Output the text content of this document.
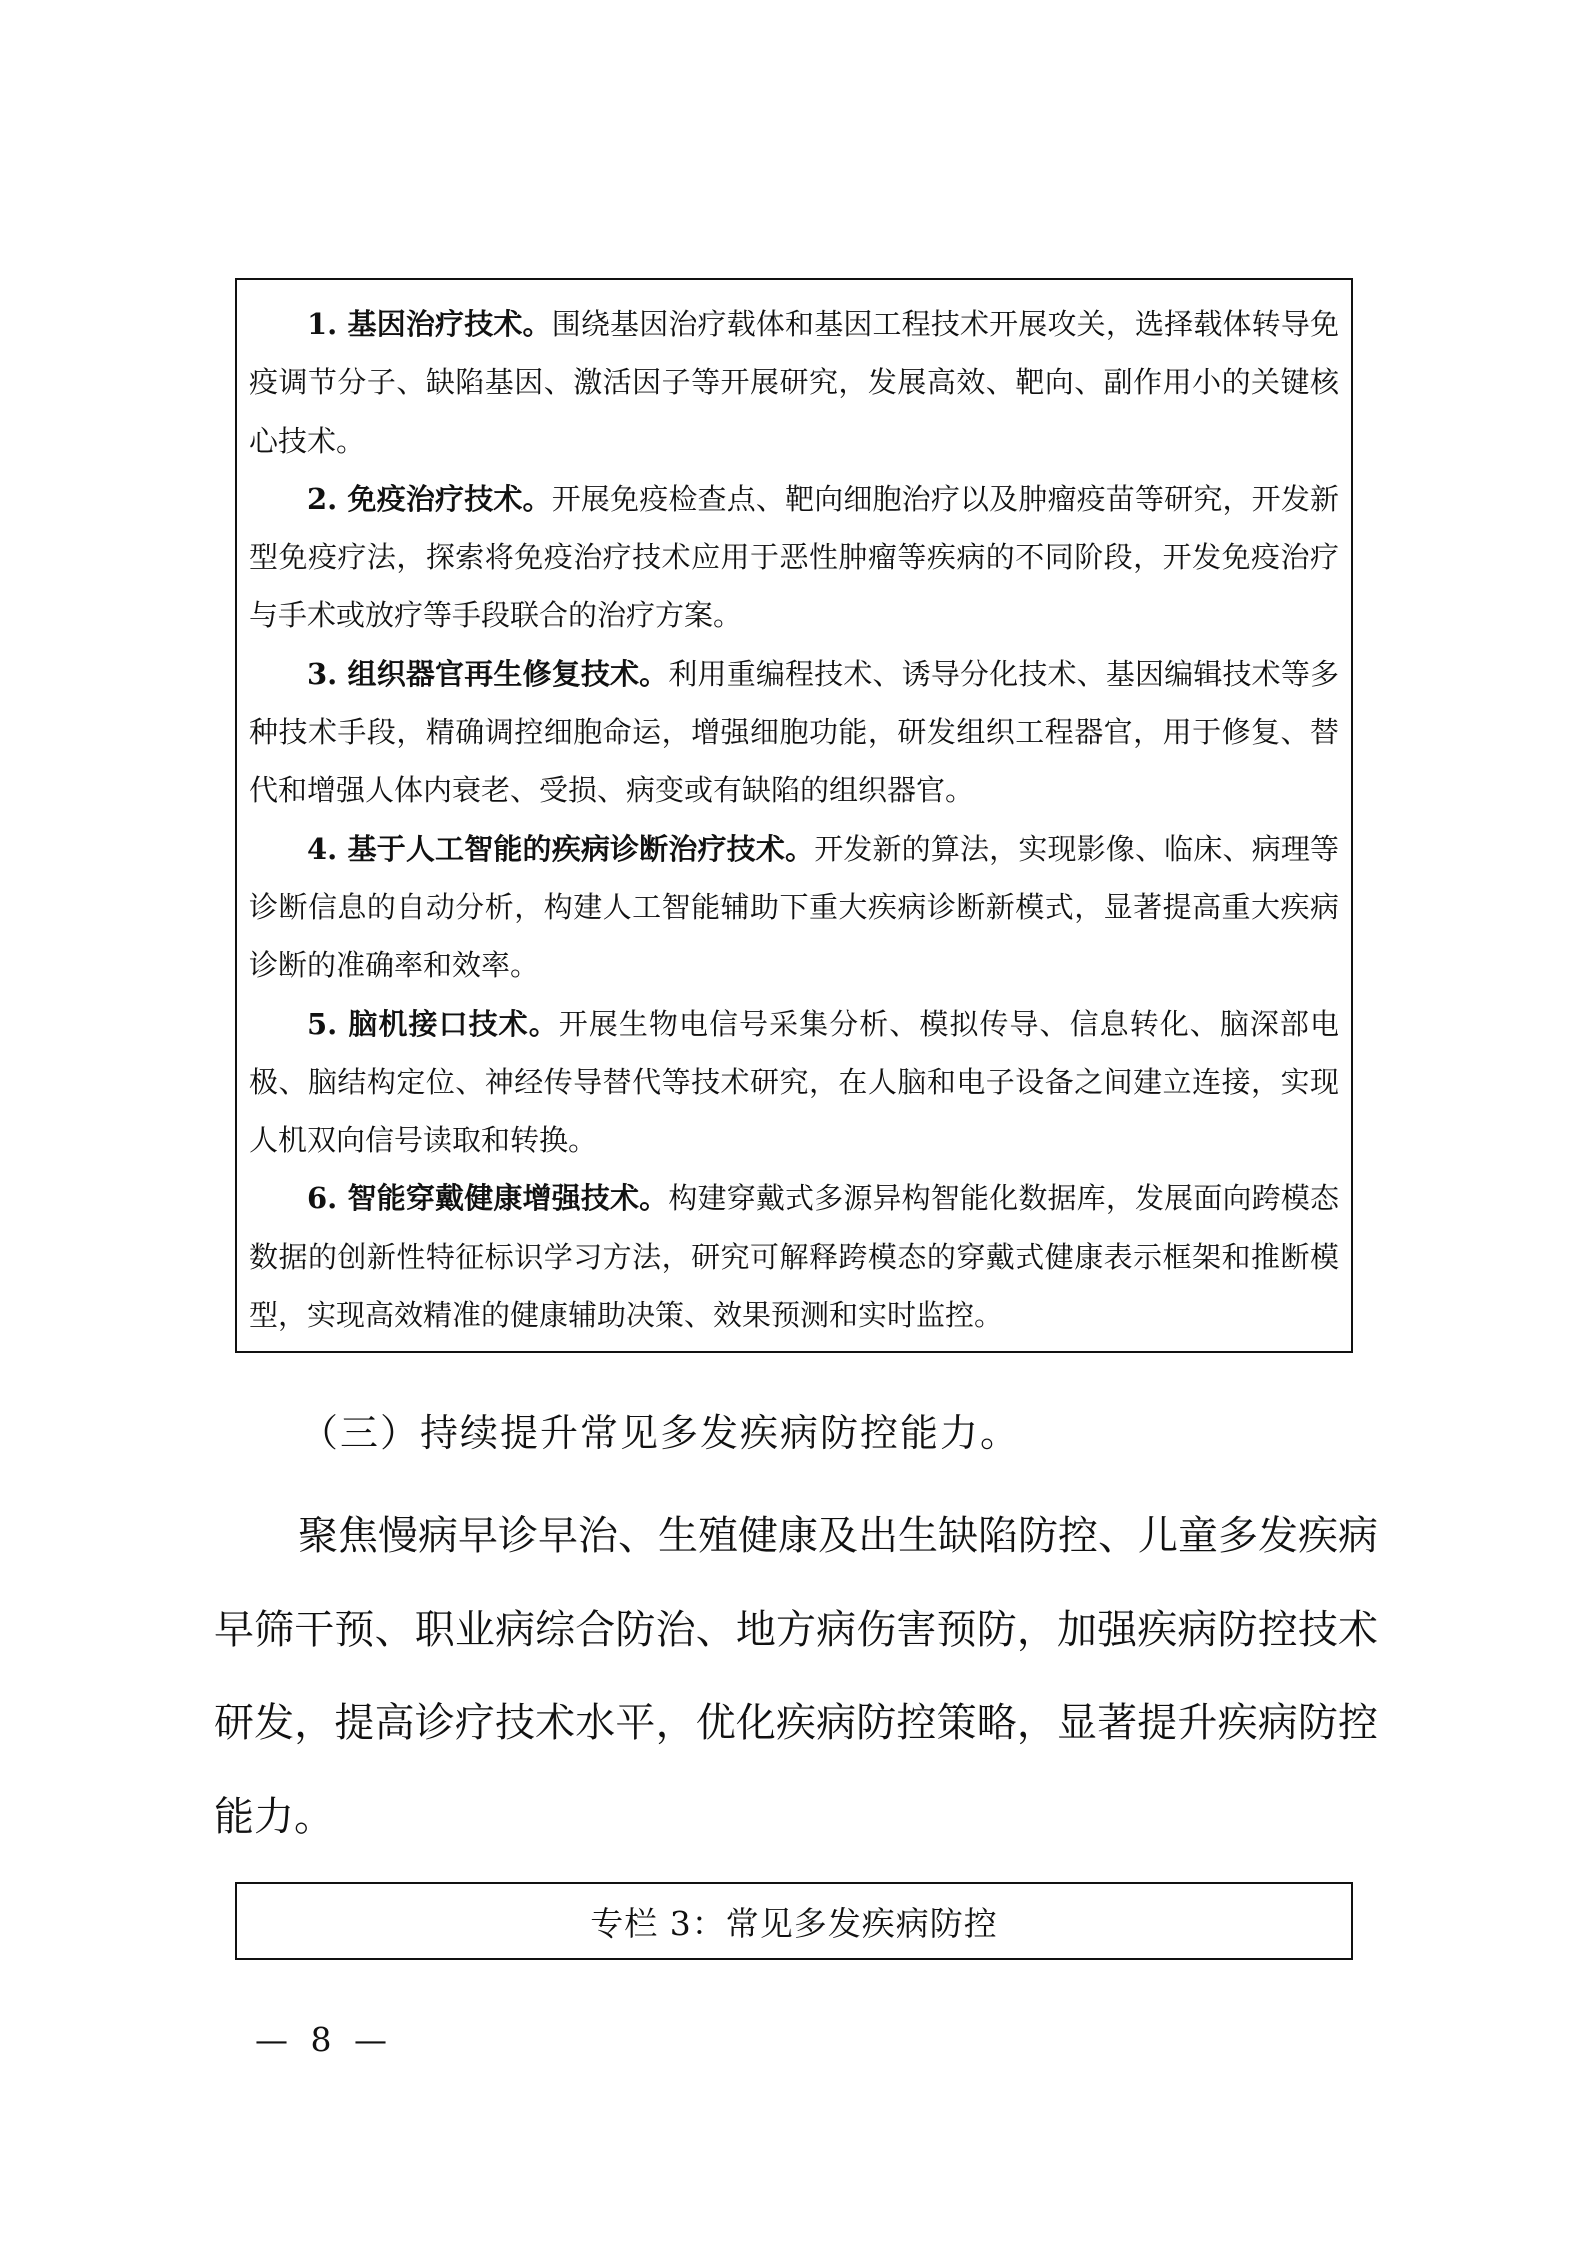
1. 基因治疗技术。围绕基因治疗载体和基因工程技术开展攻关，选择载体转导免疫调节分子、缺陷基因、激活因子等开展研究，发展高效、靶向、副作用小的关键核心技术。

2. 免疫治疗技术。开展免疫检查点、靶向细胞治疗以及肿瘤疫苗等研究，开发新型免疫疗法，探索将免疫治疗技术应用于恶性肿瘤等疾病的不同阶段，开发免疫治疗与手术或放疗等手段联合的治疗方案。

3. 组织器官再生修复技术。利用重编程技术、诱导分化技术、基因编辑技术等多种技术手段，精确调控细胞命运，增强细胞功能，研发组织工程器官，用于修复、替代和增强人体内衰老、受损、病变或有缺陷的组织器官。

4. 基于人工智能的疾病诊断治疗技术。开发新的算法，实现影像、临床、病理等诊断信息的自动分析，构建人工智能辅助下重大疾病诊断新模式，显著提高重大疾病诊断的准确率和效率。

5. 脑机接口技术。开展生物电信号采集分析、模拟传导、信息转化、脑深部电极、脑结构定位、神经传导替代等技术研究，在人脑和电子设备之间建立连接，实现人机双向信号读取和转换。

6. 智能穿戴健康增强技术。构建穿戴式多源异构智能化数据库，发展面向跨模态数据的创新性特征标识学习方法，研究可解释跨模态的穿戴式健康表示框架和推断模型，实现高效精准的健康辅助决策、效果预测和实时监控。

（三）持续提升常见多发疾病防控能力。

聚焦慢病早诊早治、生殖健康及出生缺陷防控、儿童多发疾病早筛干预、职业病综合防治、地方病伤害预防，加强疾病防控技术研发，提高诊疗技术水平，优化疾病防控策略，显著提升疾病防控能力。

专栏 3：常见多发疾病防控
— 8 —
